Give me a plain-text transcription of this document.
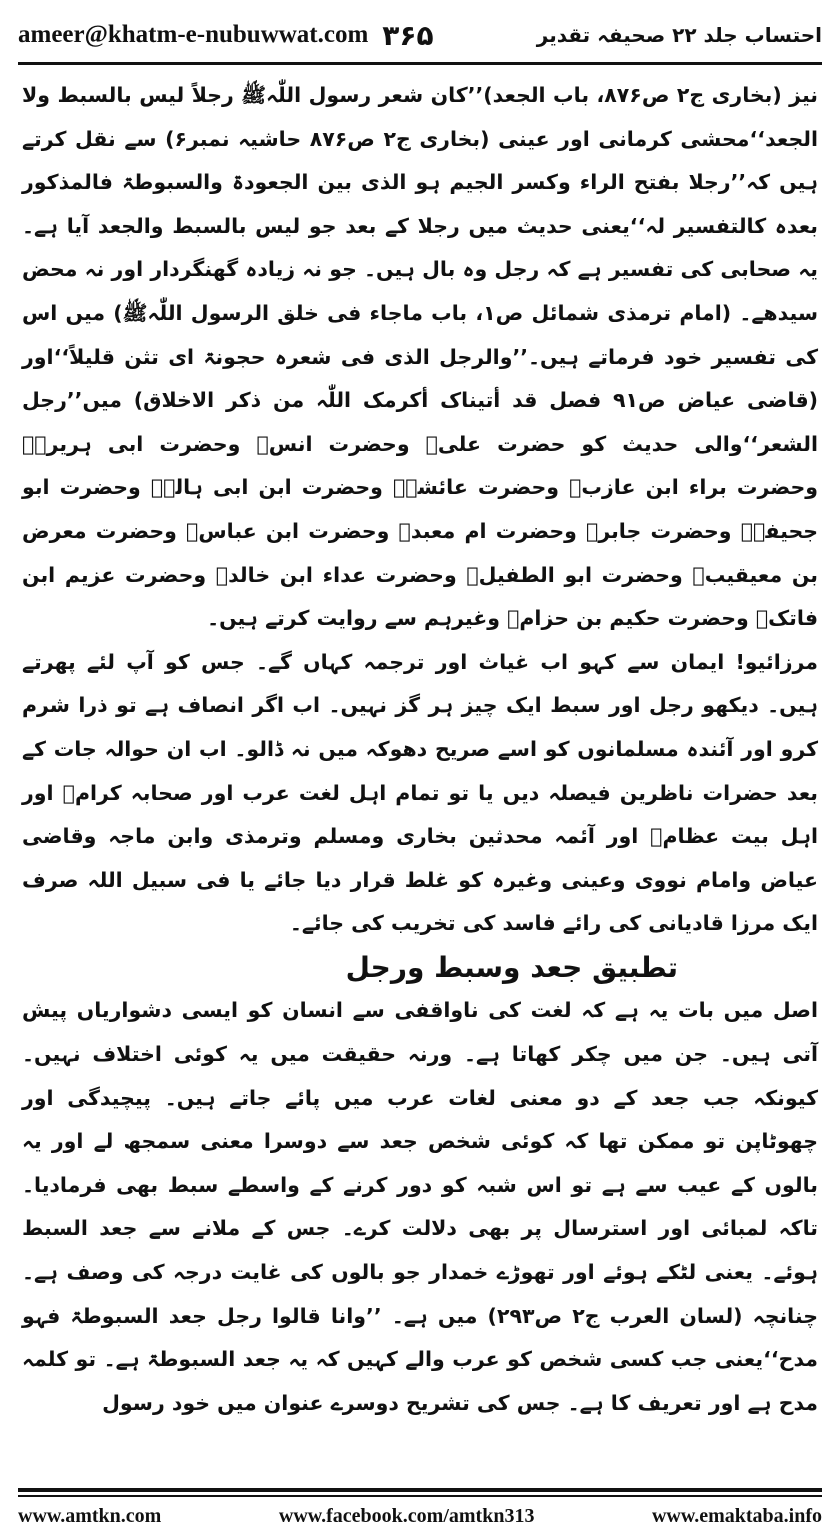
ameer@khatm-e-nubuwwat.com ۳۶۵	احتساب جلد ۲۲ صحیفہ تقدیر

نیز (بخاری ج۲ ص۸۷۶، باب الجعد)’’کان شعر رسول اللّٰہﷺ رجلاً لیس بالسبط ولا الجعد‘‘محشی کرمانی اور عینی (بخاری ج۲ ص۸۷۶ حاشیہ نمبر۶) سے نقل کرتے ہیں کہ’’رجلا بفتح الراء وکسر الجیم ہو الذی بین الجعودۃ والسبوطۃ فالمذکور بعدہ کالتفسیر لہ‘‘یعنی حدیث میں رجلا کے بعد جو لیس بالسبط والجعد آیا ہے۔ یہ صحابی کی تفسیر ہے کہ رجل وہ بال ہیں۔ جو نہ زیادہ گھنگردار اور نہ محض سیدھے۔ (امام ترمذی شمائل ص۱، باب ماجاء فی خلق الرسول اللّٰہﷺ) میں اس کی تفسیر خود فرماتے ہیں۔’’والرجل الذی فی شعرہ حجونۃ ای تثن قلیلاً‘‘اور (قاضی عیاض ص۹۱ فصل قد أتیناک أکرمک اللّٰہ من ذکر الاخلاق) میں’’رجل الشعر‘‘والی حدیث کو حضرت علیؓ وحضرت انسؓ وحضرت ابی ہریرہؓ وحضرت براء ابن عازبؓ وحضرت عائشہؓ وحضرت ابن ابی ہالہؓ وحضرت ابو جحیفہؓ وحضرت جابرؓ وحضرت ام معبدؓ وحضرت ابن عباسؓ وحضرت معرض بن معیقیبؓ وحضرت ابو الطفیلؓ وحضرت عداء ابن خالدؓ وحضرت عزیم ابن فاتکؓ وحضرت حکیم بن حزامؓ وغیرہم سے روایت کرتے ہیں۔

مرزائیو! ایمان سے کہو اب غیاث اور ترجمہ کہاں گے۔ جس کو آپ لئے پھرتے ہیں۔ دیکھو رجل اور سبط ایک چیز ہر گز نہیں۔ اب اگر انصاف ہے تو ذرا شرم کرو اور آئندہ مسلمانوں کو اسے صریح دھوکہ میں نہ ڈالو۔ اب ان حوالہ جات کے بعد حضرات ناظرین فیصلہ دیں یا تو تمام اہل لغت عرب اور صحابہ کرامؓ اور اہل بیت عظامؓ اور آئمہ محدثین بخاری ومسلم وترمذی وابن ماجہ وقاضی عیاض وامام نووی وعینی وغیرہ کو غلط قرار دیا جائے یا فی سبیل اللہ صرف ایک مرزا قادیانی کی رائے فاسد کی تخریب کی جائے۔

تطبیق جعد وسبط ورجل

اصل میں بات یہ ہے کہ لغت کی ناواقفی سے انسان کو ایسی دشواریاں پیش آتی ہیں۔ جن میں چکر کھاتا ہے۔ ورنہ حقیقت میں یہ کوئی اختلاف نہیں۔ کیونکہ جب جعد کے دو معنی لغات عرب میں پائے جاتے ہیں۔ پیچیدگی اور چھوٹاپن تو ممکن تھا کہ کوئی شخص جعد سے دوسرا معنی سمجھ لے اور یہ بالوں کے عیب سے ہے تو اس شبہ کو دور کرنے کے واسطے سبط بھی فرمادیا۔ تاکہ لمبائی اور استرسال پر بھی دلالت کرے۔ جس کے ملانے سے جعد السبط ہوئے۔ یعنی لٹکے ہوئے اور تھوڑے خمدار جو بالوں کی غایت درجہ کی وصف ہے۔ چنانچہ (لسان العرب ج۲ ص۲۹۳) میں ہے۔ ’’وانا قالوا رجل جعد السبوطۃ فہو مدح‘‘یعنی جب کسی شخص کو عرب والے کہیں کہ یہ جعد السبوطۃ ہے۔ تو کلمہ مدح ہے اور تعریف کا ہے۔ جس کی تشریح دوسرے عنوان میں خود رسول

www.amtkn.com	www.facebook.com/amtkn313	www.emaktaba.info
